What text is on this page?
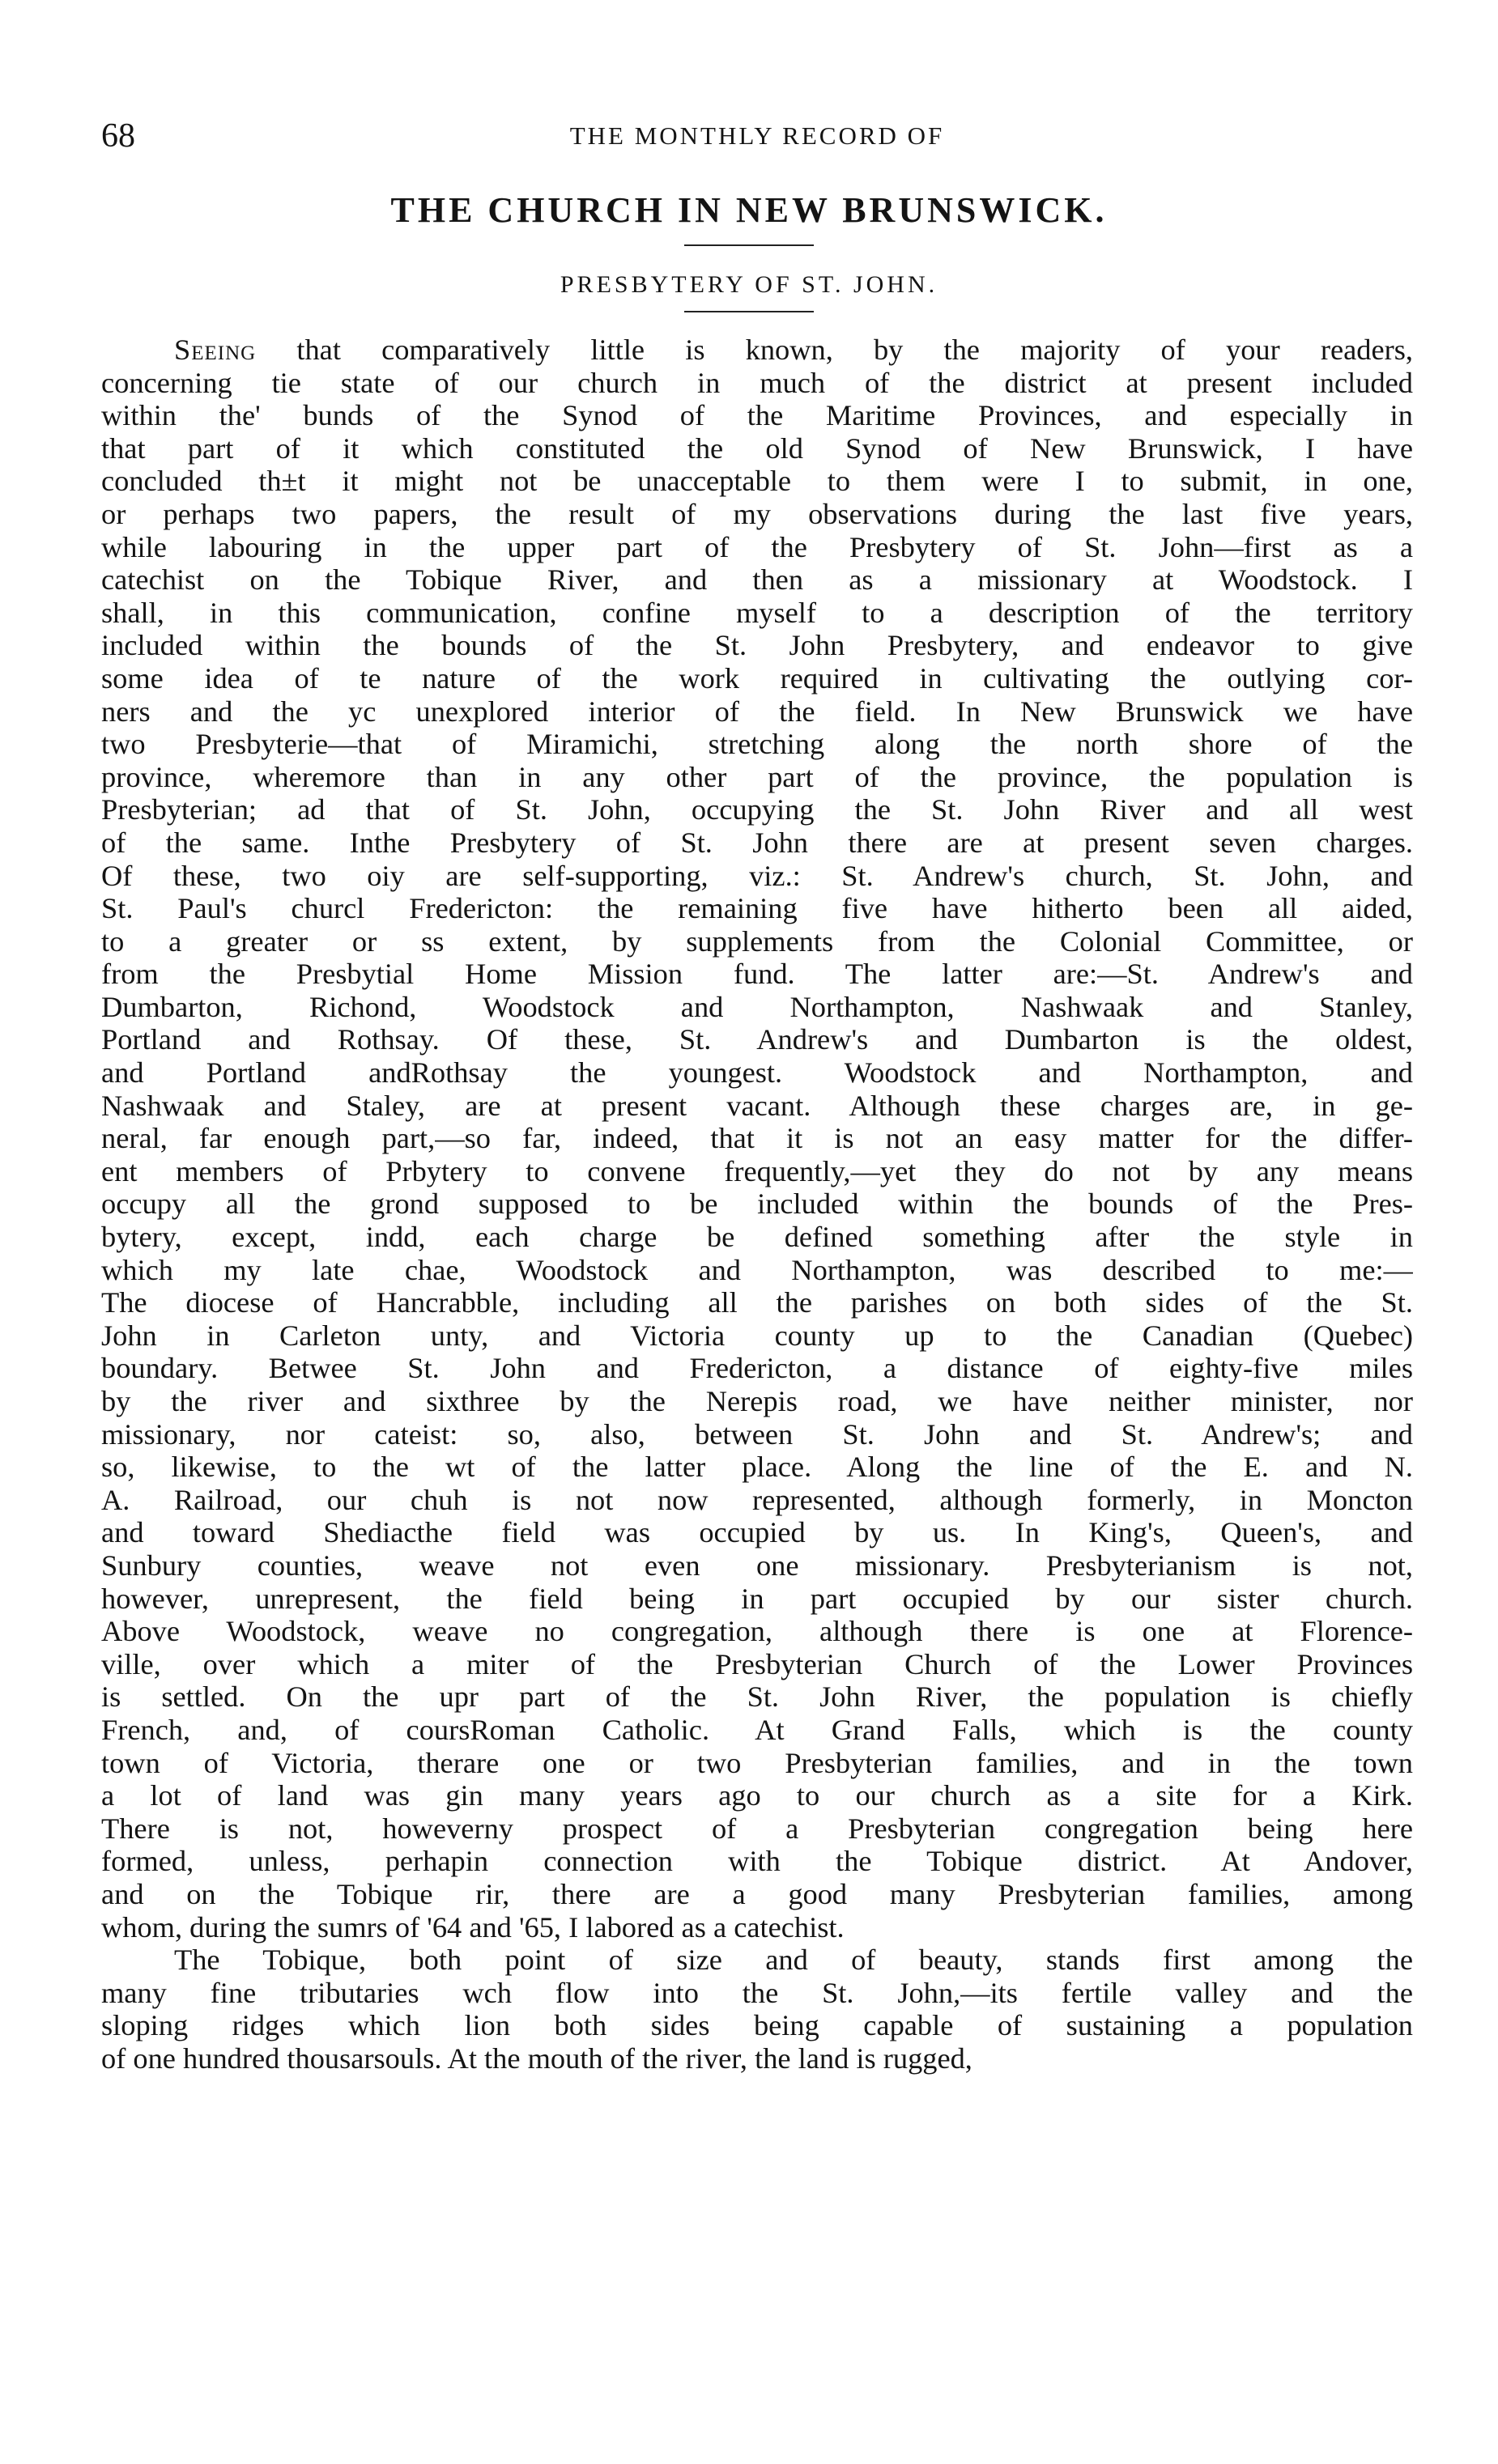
68	THE MONTHLY RECORD OF
THE CHURCH IN NEW BRUNSWICK.
PRESBYTERY OF ST. JOHN.
Seeing that comparatively little is known, by the majority of your readers,
concerning tie state of our church in much of the district at present included
within the' bunds of the Synod of the Maritime Provinces, and especially in
that part of it which constituted the old Synod of New Brunswick, I have
concluded th±t it might not be unacceptable to them were I to submit, in one,
or perhaps two papers, the result of my observations during the last five years,
while labouring in the upper part of the Presbytery of St. John—first as a
catechist on the Tobique River, and then as a missionary at Woodstock. I
shall, in this communication, confine myself to a description of the territory
included within the bounds of the St. John Presbytery, and endeavor to give
some idea of te nature of the work required in cultivating the outlying cor-
ners and the yc unexplored interior of the field. In New Brunswick we have
two Presbyterie—that of Miramichi, stretching along the north shore of the
province, wheremore than in any other part of the province, the population is
Presbyterian; ad that of St. John, occupying the St. John River and all west
of the same. Inthe Presbytery of St. John there are at present seven charges.
Of these, two oiy are self-supporting, viz.: St. Andrew's church, St. John, and
St. Paul's churcl Fredericton: the remaining five have hitherto been all aided,
to a greater or ss extent, by supplements from the Colonial Committee, or
from the Presbytial Home Mission fund. The latter are:—St. Andrew's and
Dumbarton, Richond, Woodstock and Northampton, Nashwaak and Stanley,
Portland and Rothsay. Of these, St. Andrew's and Dumbarton is the oldest,
and Portland andRothsay the youngest. Woodstock and Northampton, and
Nashwaak and Staley, are at present vacant. Although these charges are, in ge-
neral, far enough part,—so far, indeed, that it is not an easy matter for the differ-
ent members of Prbytery to convene frequently,—yet they do not by any means
occupy all the grond supposed to be included within the bounds of the Pres-
bytery, except, indd, each charge be defined something after the style in
which my late chae, Woodstock and Northampton, was described to me:—
The diocese of Hancrabble, including all the parishes on both sides of the St.
John in Carleton unty, and Victoria county up to the Canadian (Quebec)
boundary. Betwee St. John and Fredericton, a distance of eighty-five miles
by the river and sixthree by the Nerepis road, we have neither minister, nor
missionary, nor cateist: so, also, between St. John and St. Andrew's; and
so, likewise, to the wt of the latter place. Along the line of the E. and N.
A. Railroad, our chuh is not now represented, although formerly, in Moncton
and toward Shediacthe field was occupied by us. In King's, Queen's, and
Sunbury counties, weave not even one missionary. Presbyterianism is not,
however, unrepresent, the field being in part occupied by our sister church.
Above Woodstock, weave no congregation, although there is one at Florence-
ville, over which a miter of the Presbyterian Church of the Lower Provinces
is settled. On the upr part of the St. John River, the population is chiefly
French, and, of coursRoman Catholic. At Grand Falls, which is the county
town of Victoria, therare one or two Presbyterian families, and in the town
a lot of land was gin many years ago to our church as a site for a Kirk.
There is not, howeverny prospect of a Presbyterian congregation being here
formed, unless, perhapin connection with the Tobique district. At Andover,
and on the Tobique rir, there are a good many Presbyterian families, among
whom, during the sumrs of '64 and '65, I labored as a catechist.
The Tobique, both point of size and of beauty, stands first among the
many fine tributaries wch flow into the St. John,—its fertile valley and the
sloping ridges which lion both sides being capable of sustaining a population
of one hundred thousarsouls. At the mouth of the river, the land is rugged,
